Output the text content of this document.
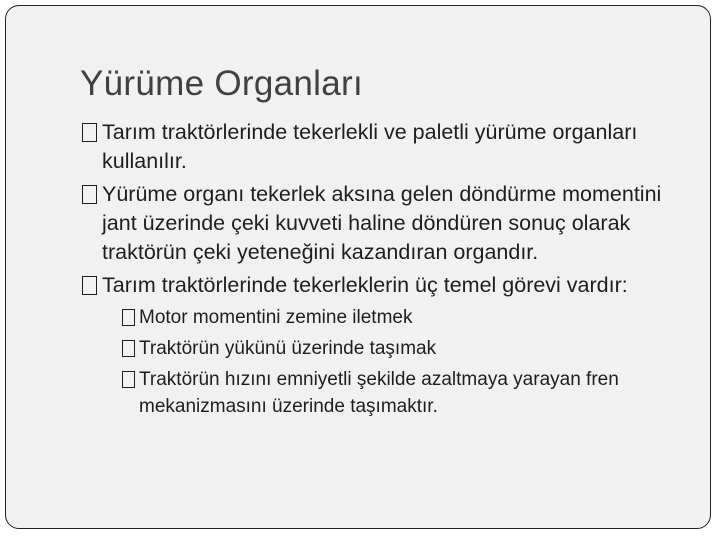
Yürüme Organları
Tarım traktörlerinde tekerlekli ve paletli yürüme organları kullanılır.
Yürüme organı tekerlek aksına gelen döndürme momentini jant üzerinde çeki kuvveti haline döndüren sonuç olarak traktörün çeki yeteneğini kazandıran organdır.
Tarım traktörlerinde tekerleklerin üç temel görevi vardır:
Motor momentini zemine iletmek
Traktörün yükünü üzerinde taşımak
Traktörün hızını emniyetli şekilde azaltmaya yarayan fren mekanizmasını üzerinde taşımaktır.
